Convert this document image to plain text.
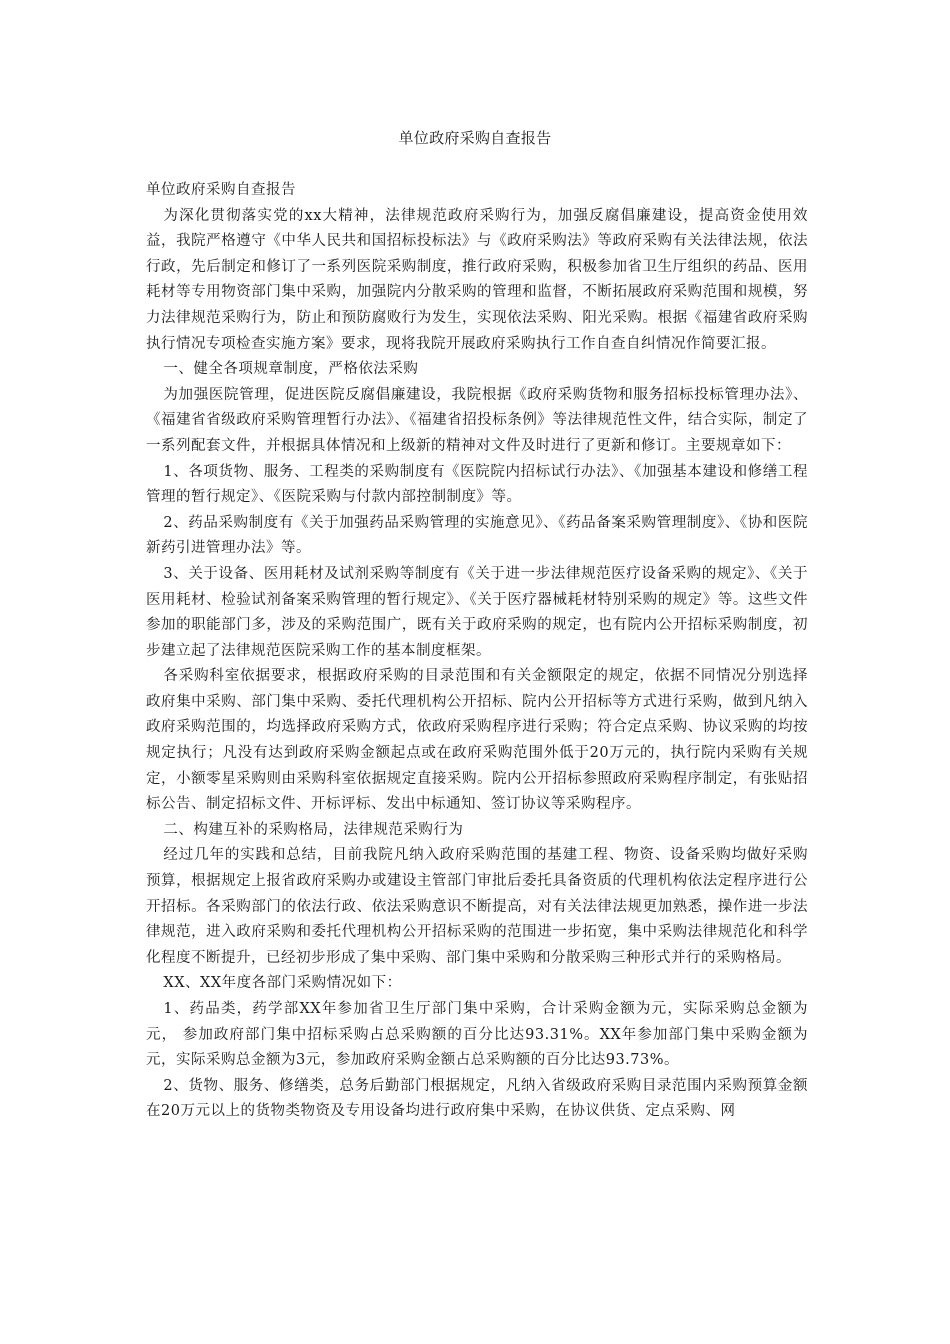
单位政府采购自查报告

单位政府采购自查报告

为深化贯彻落实党的xx大精神，法律规范政府采购行为，加强反腐倡廉建设，提高资金使用效益，我院严格遵守《中华人民共和国招标投标法》与《政府采购法》等政府采购有关法律法规，依法行政，先后制定和修订了一系列医院采购制度，推行政府采购，积极参加省卫生厅组织的药品、医用耗材等专用物资部门集中采购，加强院内分散采购的管理和监督，不断拓展政府采购范围和规模，努力法律规范采购行为，防止和预防腐败行为发生，实现依法采购、阳光采购。根据《福建省政府采购执行情况专项检查实施方案》要求，现将我院开展政府采购执行工作自查自纠情况作简要汇报。

一、健全各项规章制度，严格依法采购

为加强医院管理，促进医院反腐倡廉建设，我院根据《政府采购货物和服务招标投标管理办法》、《福建省省级政府采购管理暂行办法》、《福建省招投标条例》等法律规范性文件，结合实际，制定了一系列配套文件，并根据具体情况和上级新的精神对文件及时进行了更新和修订。主要规章如下：

1、各项货物、服务、工程类的采购制度有《医院院内招标试行办法》、《加强基本建设和修缮工程管理的暂行规定》、《医院采购与付款内部控制制度》等。

2、药品采购制度有《关于加强药品采购管理的实施意见》、《药品备案采购管理制度》、《协和医院新药引进管理办法》等。

3、关于设备、医用耗材及试剂采购等制度有《关于进一步法律规范医疗设备采购的规定》、《关于医用耗材、检验试剂备案采购管理的暂行规定》、《关于医疗器械耗材特别采购的规定》等。这些文件参加的职能部门多，涉及的采购范围广，既有关于政府采购的规定，也有院内公开招标采购制度，初步建立起了法律规范医院采购工作的基本制度框架。

各采购科室依据要求，根据政府采购的目录范围和有关金额限定的规定，依据不同情况分别选择政府集中采购、部门集中采购、委托代理机构公开招标、院内公开招标等方式进行采购，做到凡纳入政府采购范围的，均选择政府采购方式，依政府采购程序进行采购；符合定点采购、协议采购的均按规定执行；凡没有达到政府采购金额起点或在政府采购范围外低于20万元的，执行院内采购有关规定，小额零星采购则由采购科室依据规定直接采购。院内公开招标参照政府采购程序制定，有张贴招标公告、制定招标文件、开标评标、发出中标通知、签订协议等采购程序。

二、构建互补的采购格局，法律规范采购行为

经过几年的实践和总结，目前我院凡纳入政府采购范围的基建工程、物资、设备采购均做好采购预算，根据规定上报省政府采购办或建设主管部门审批后委托具备资质的代理机构依法定程序进行公开招标。各采购部门的依法行政、依法采购意识不断提高，对有关法律法规更加熟悉，操作进一步法律规范，进入政府采购和委托代理机构公开招标采购的范围进一步拓宽，集中采购法律规范化和科学化程度不断提升，已经初步形成了集中采购、部门集中采购和分散采购三种形式并行的采购格局。

XX、XX年度各部门采购情况如下：

1、药品类，药学部XX年参加省卫生厅部门集中采购，合计采购金额为元，实际采购总金额为元， 参加政府部门集中招标采购占总采购额的百分比达93.31%。XX年参加部门集中采购金额为元，实际采购总金额为3元，参加政府采购金额占总采购额的百分比达93.73%。

2、货物、服务、修缮类，总务后勤部门根据规定，凡纳入省级政府采购目录范围内采购预算金额在20万元以上的货物类物资及专用设备均进行政府集中采购，在协议供货、定点采购、网
